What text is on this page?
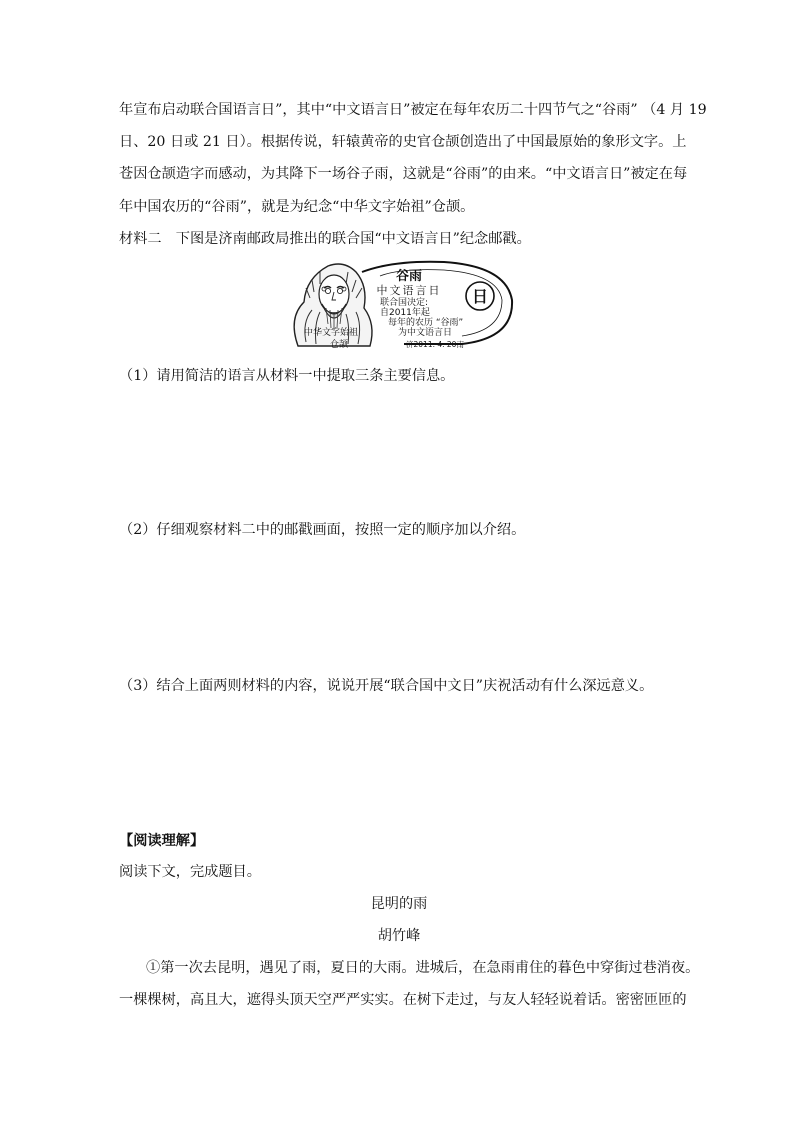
年宣布启动联合国语言日”，其中“中文语言日”被定在每年农历二十四节气之“谷雨” （4 月 19
日、20 日或 21 日）。根据传说，轩辕黄帝的史官仓颉创造出了中国最原始的象形文字。上
苍因仓颉造字而感动，为其降下一场谷子雨，这就是“谷雨”的由来。“中文语言日”被定在每
年中国农历的“谷雨”，就是为纪念“中华文字始祖”仓颉。
材料二　下图是济南邮政局推出的联合国“中文语言日”纪念邮戳。
日
谷雨
中文语言日
联合国决定:
自2011年起
每年的农历 “谷雨”
为中文语言日
中华文字始祖
仓颉	济2011. 4. 20南
（1）请用简洁的语言从材料一中提取三条主要信息。
（2）仔细观察材料二中的邮戳画面，按照一定的顺序加以介绍。
（3）结合上面两则材料的内容，说说开展“联合国中文日”庆祝活动有什么深远意义。
【阅读理解】
阅读下文，完成题目。
昆明的雨
胡竹峰
①第一次去昆明，遇见了雨，夏日的大雨。进城后，在急雨甫住的暮色中穿街过巷消夜。
一棵棵树，高且大，遮得头顶天空严严实实。在树下走过，与友人轻轻说着话。密密匝匝的
